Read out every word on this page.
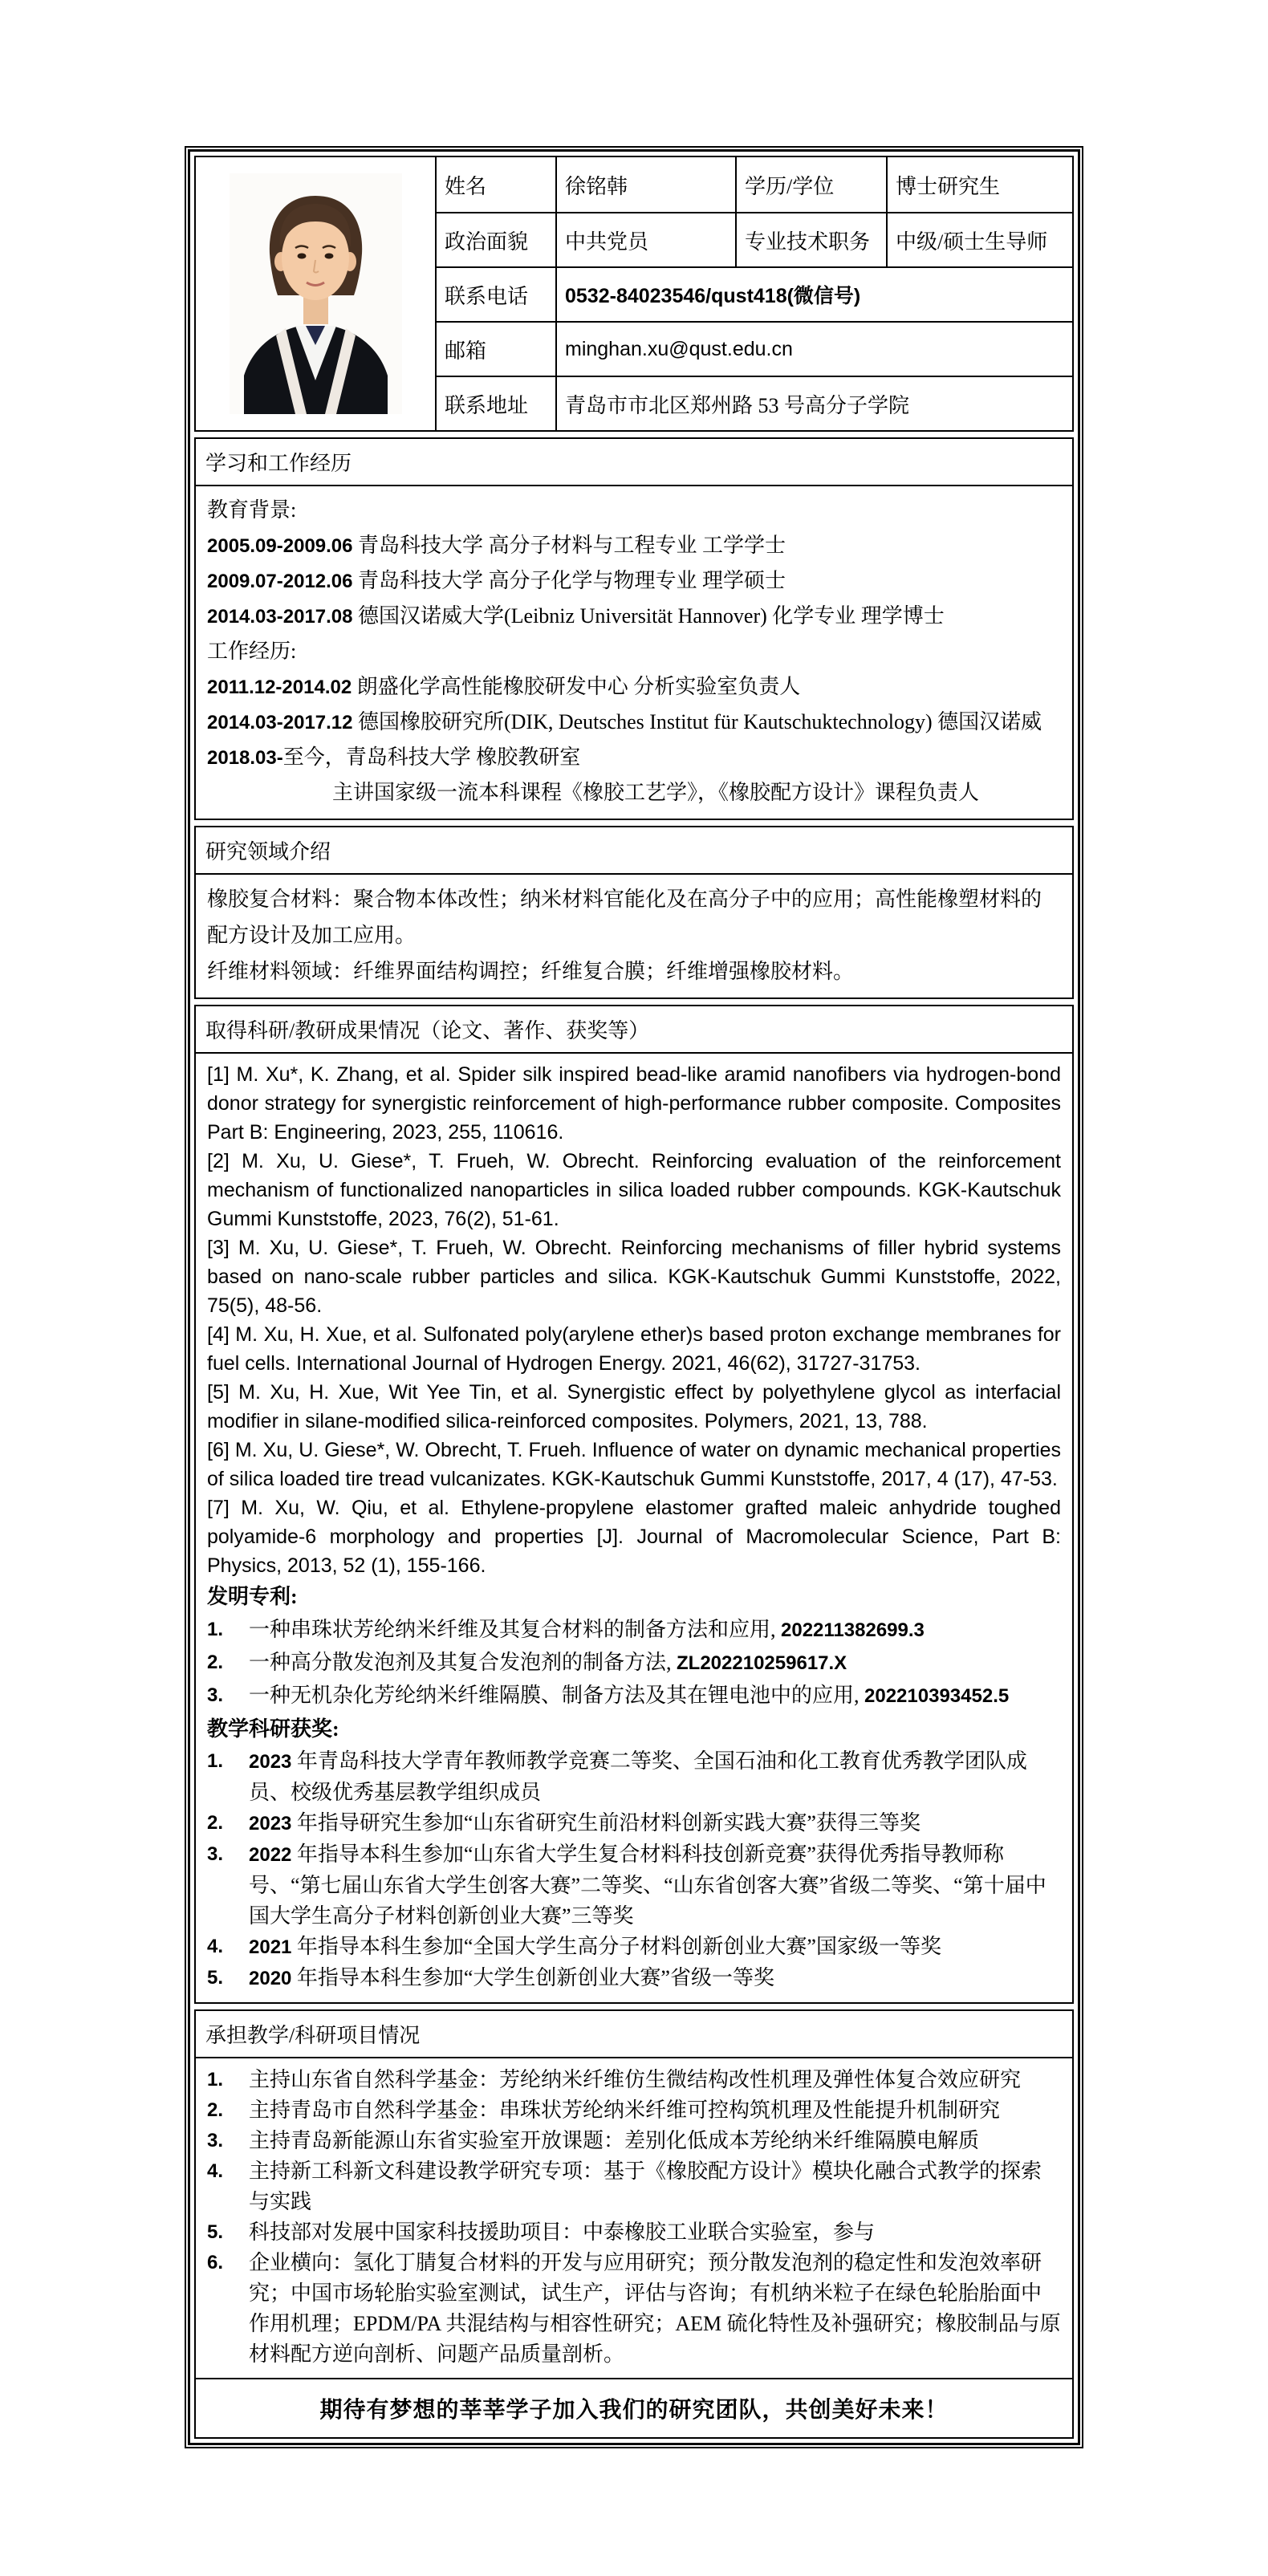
姓名	徐铭韩	学历/学位	博士研究生
政治面貌 中共党员	专业技术职务 中级/硕士生导师
联系电话 0532-84023546/qust418(微信号)
邮箱	minghan.xu@qust.edu.cn
联系地址 青岛市市北区郑州路 53 号高分子学院
学习和工作经历
教育背景:
2005.09-2009.06 青岛科技大学 高分子材料与工程专业 工学学士
2009.07-2012.06 青岛科技大学 高分子化学与物理专业 理学硕士
2014.03-2017.08 德国汉诺威大学(Leibniz Universität Hannover) 化学专业 理学博士
工作经历:
2011.12-2014.02 朗盛化学高性能橡胶研发中心 分析实验室负责人
2014.03-2017.12 德国橡胶研究所(DIK, Deutsches Institut für Kautschuktechnology) 德国汉诺威
2018.03-至今，青岛科技大学 橡胶教研室
　　　　　　主讲国家级一流本科课程《橡胶工艺学》，《橡胶配方设计》课程负责人
研究领域介绍

橡胶复合材料：聚合物本体改性；纳米材料官能化及在高分子中的应用；高性能橡塑材料的配方设计及加工应用。

纤维材料领域：纤维界面结构调控；纤维复合膜；纤维增强橡胶材料。

取得科研/教研成果情况（论文、著作、获奖等）

[1] M. Xu*, K. Zhang, et al. Spider silk inspired bead-like aramid nanofibers via hydrogen-bond donor strategy for synergistic reinforcement of high-performance rubber composite. Composites Part B: Engineering, 2023, 255, 110616.

[2] M. Xu, U. Giese*, T. Frueh, W. Obrecht. Reinforcing evaluation of the reinforcement mechanism of functionalized nanoparticles in silica loaded rubber compounds. KGK-Kautschuk Gummi Kunststoffe, 2023, 76(2), 51-61.

[3] M. Xu, U. Giese*, T. Frueh, W. Obrecht. Reinforcing mechanisms of filler hybrid systems based on nano-scale rubber particles and silica. KGK-Kautschuk Gummi Kunststoffe, 2022, 75(5), 48-56.

[4] M. Xu, H. Xue, et al. Sulfonated poly(arylene ether)s based proton exchange membranes for fuel cells. International Journal of Hydrogen Energy. 2021, 46(62), 31727-31753.

[5] M. Xu, H. Xue, Wit Yee Tin, et al. Synergistic effect by polyethylene glycol as interfacial modifier in silane-modified silica-reinforced composites. Polymers, 2021, 13, 788.

[6] M. Xu, U. Giese*, W. Obrecht, T. Frueh. Influence of water on dynamic mechanical properties of silica loaded tire tread vulcanizates. KGK-Kautschuk Gummi Kunststoffe, 2017, 4 (17), 47-53.

[7] M. Xu, W. Qiu, et al. Ethylene-propylene elastomer grafted maleic anhydride toughed polyamide-6 morphology and properties [J]. Journal of Macromolecular Science, Part B: Physics, 2013, 52 (1), 155-166.

发明专利:
1.	一种串珠状芳纶纳米纤维及其复合材料的制备方法和应用, 202211382699.3
2.	一种高分散发泡剂及其复合发泡剂的制备方法, ZL202210259617.X
3.	一种无机杂化芳纶纳米纤维隔膜、制备方法及其在锂电池中的应用, 202210393452.5
教学科研获奖:
1.	2023 年青岛科技大学青年教师教学竞赛二等奖、全国石油和化工教育优秀教学团队成员、校级优秀基层教学组织成员
2.	2023 年指导研究生参加“山东省研究生前沿材料创新实践大赛”获得三等奖
3.	2022 年指导本科生参加“山东省大学生复合材料科技创新竞赛”获得优秀指导教师称号、“第七届山东省大学生创客大赛”二等奖、“山东省创客大赛”省级二等奖、“第十届中国大学生高分子材料创新创业大赛”三等奖
4.	2021 年指导本科生参加“全国大学生高分子材料创新创业大赛”国家级一等奖
5.	2020 年指导本科生参加“大学生创新创业大赛”省级一等奖
承担教学/科研项目情况
1.	主持山东省自然科学基金：芳纶纳米纤维仿生微结构改性机理及弹性体复合效应研究
2.	主持青岛市自然科学基金：串珠状芳纶纳米纤维可控构筑机理及性能提升机制研究
3.	主持青岛新能源山东省实验室开放课题：差别化低成本芳纶纳米纤维隔膜电解质
4.	主持新工科新文科建设教学研究专项：基于《橡胶配方设计》模块化融合式教学的探索与实践
5.	科技部对发展中国家科技援助项目：中泰橡胶工业联合实验室，参与
6.	企业横向：氢化丁腈复合材料的开发与应用研究；预分散发泡剂的稳定性和发泡效率研究；中国市场轮胎实验室测试，试生产，评估与咨询；有机纳米粒子在绿色轮胎胎面中作用机理；EPDM/PA 共混结构与相容性研究；AEM 硫化特性及补强研究；橡胶制品与原材料配方逆向剖析、问题产品质量剖析。
期待有梦想的莘莘学子加入我们的研究团队，共创美好未来！
